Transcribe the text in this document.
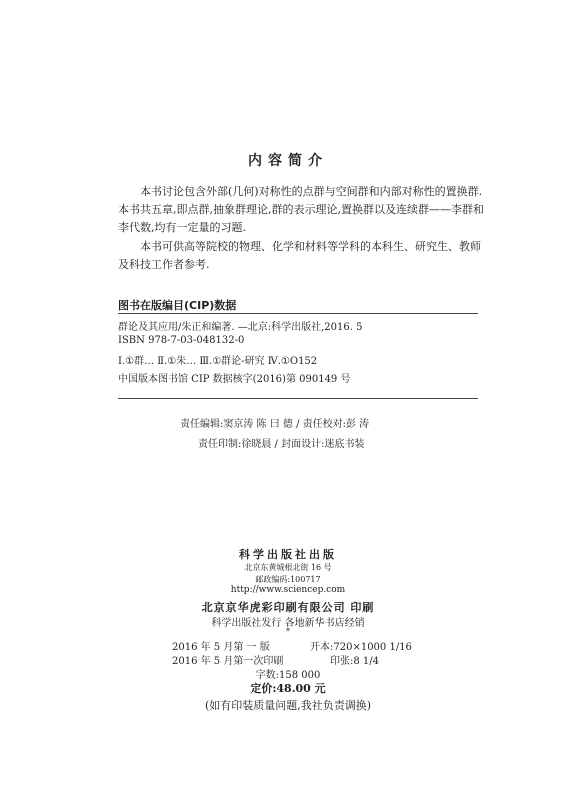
内容简介
本书讨论包含外部(几何)对称性的点群与空间群和内部对称性的置换群.本书共五章,即点群,抽象群理论,群的表示理论,置换群以及连续群——李群和李代数,均有一定量的习题.
本书可供高等院校的物理、化学和材料等学科的本科生、研究生、教师及科技工作者参考.
图书在版编目(CIP)数据
群论及其应用/朱正和编著. —北京:科学出版社,2016. 5
ISBN 978-7-03-048132-0
Ⅰ.①群… Ⅱ.①朱… Ⅲ.①群论-研究 Ⅳ.①O152
中国版本图书馆 CIP 数据核字(2016)第 090149 号
责任编辑:窦京涛 陈 曰 德 / 责任校对:彭 涛
责任印制:徐晓晨 / 封面设计:迷底书装
科学出版社出版
北京东黄城根北街 16 号
邮政编码:100717
http://www.sciencep.com
北京京华虎彩印刷有限公司 印刷
科学出版社发行 各地新华书店经销
*
2016 年 5 月第 一 版	开本:720×1000 1/16
2016 年 5 月第一次印刷	印张:8 1/4
字数:158 000
定价:48.00 元
(如有印装质量问题,我社负责调换)
